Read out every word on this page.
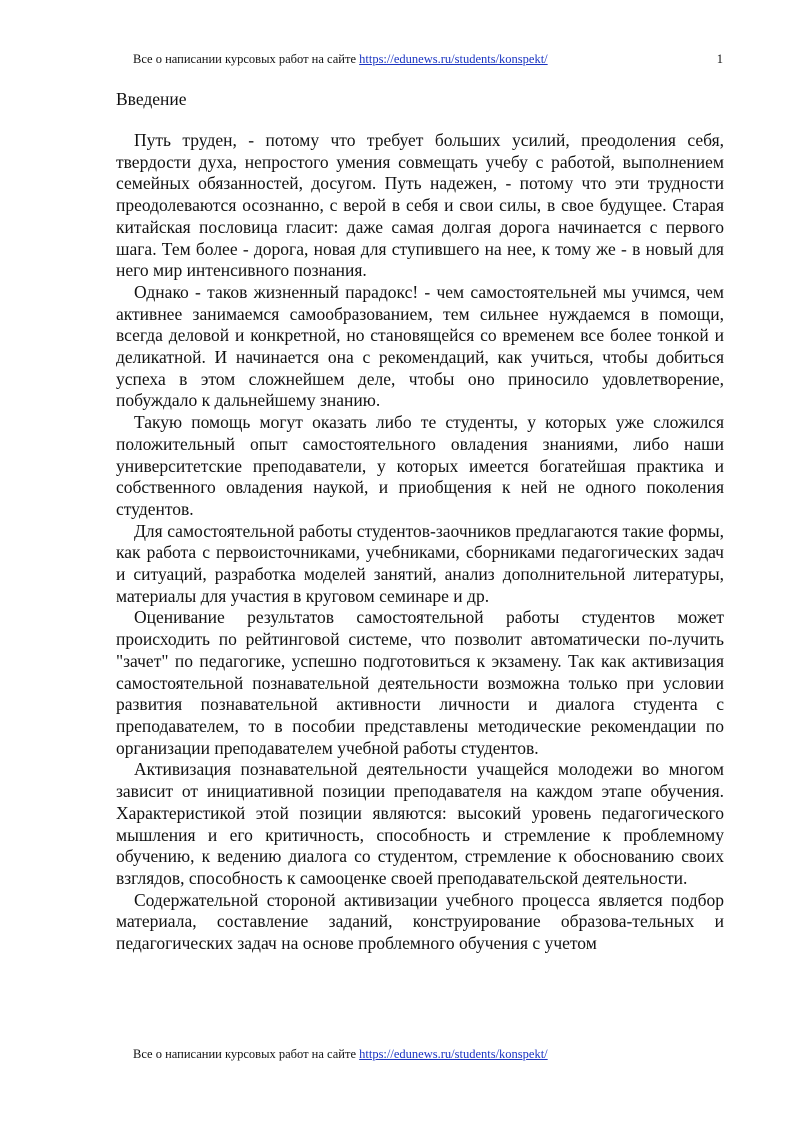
Все о написании курсовых работ на сайте https://edunews.ru/students/konspekt/	1
Введение

Путь труден, - потому что требует больших усилий, преодоления себя, твердости духа, непростого умения совмещать учебу с работой, выполнением семейных обязанностей, досугом. Путь надежен, - потому что эти трудности преодолеваются осознанно, с верой в себя и свои силы, в свое будущее. Старая китайская пословица гласит: даже самая долгая дорога начинается с первого шага. Тем более - дорога, новая для ступившего на нее, к тому же - в новый для него мир интенсивного познания.

Однако - таков жизненный парадокс! - чем самостоятельней мы учимся, чем активнее занимаемся самообразованием, тем сильнее нуждаемся в помощи, всегда деловой и конкретной, но становящейся со временем все более тонкой и деликатной. И начинается она с рекомендаций, как учиться, чтобы добиться успеха в этом сложнейшем деле, чтобы оно приносило удовлетворение, побуждало к дальнейшему знанию.

Такую помощь могут оказать либо те студенты, у которых уже сложился положительный опыт самостоятельного овладения знаниями, либо наши университетские преподаватели, у которых имеется богатейшая практика и собственного овладения наукой, и приобщения к ней не одного поколения студентов.

Для самостоятельной работы студентов-заочников предлагаются такие формы, как работа с первоисточниками, учебниками, сборниками педагогических задач и ситуаций, разработка моделей занятий, анализ дополнительной литературы, материалы для участия в круговом семинаре и др.

Оценивание результатов самостоятельной работы студентов может происходить по рейтинговой системе, что позволит автоматически по-лучить "зачет" по педагогике, успешно подготовиться к экзамену. Так как активизация самостоятельной познавательной деятельности возможна только при условии развития познавательной активности личности и диалога студента с преподавателем, то в пособии представлены методические рекомендации по организации преподавателем учебной работы студентов.

Активизация познавательной деятельности учащейся молодежи во многом зависит от инициативной позиции преподавателя на каждом этапе обучения. Характеристикой этой позиции являются: высокий уровень педагогического мышления и его критичность, способность и стремление к проблемному обучению, к ведению диалога со студентом, стремление к обоснованию своих взглядов, способность к самооценке своей преподавательской деятельности.

Содержательной стороной активизации учебного процесса является подбор материала, составление заданий, конструирование образова-тельных и педагогических задач на основе проблемного обучения с учетом

Все о написании курсовых работ на сайте https://edunews.ru/students/konspekt/
